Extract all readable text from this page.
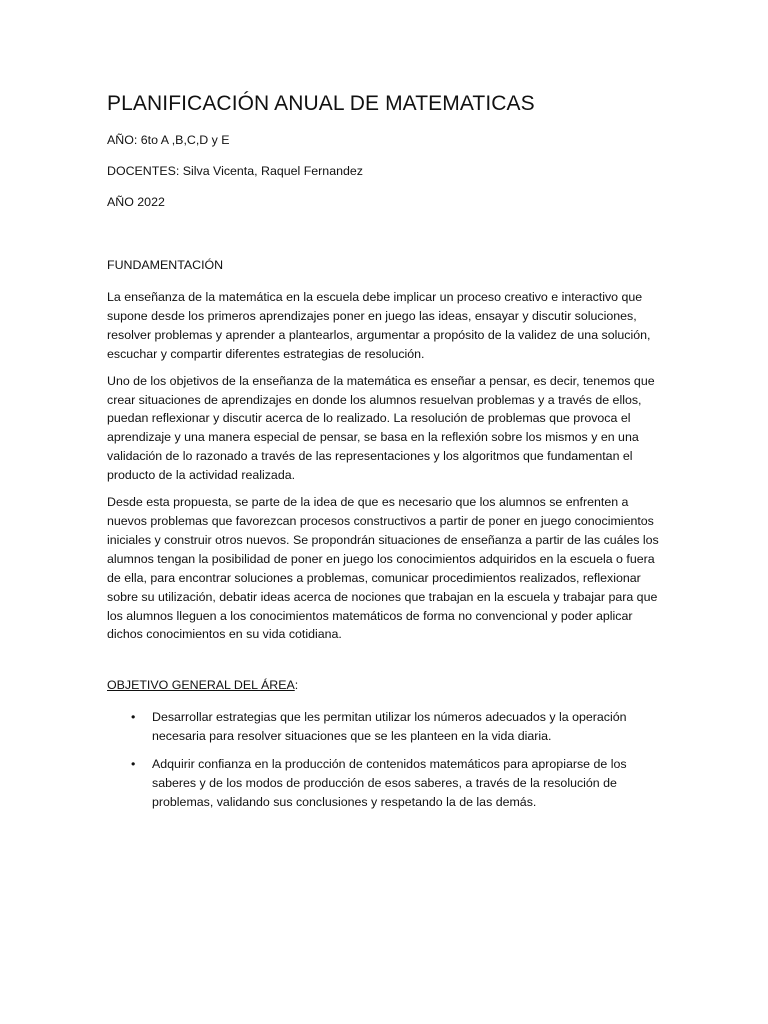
PLANIFICACIÓN ANUAL DE MATEMATICAS

AÑO: 6to A ,B,C,D y E

DOCENTES: Silva Vicenta, Raquel Fernandez

AÑO 2022

FUNDAMENTACIÓN

La enseñanza de la matemática en la escuela debe implicar un proceso creativo e interactivo que supone desde los primeros aprendizajes poner en juego las ideas, ensayar y discutir soluciones, resolver problemas y aprender a plantearlos, argumentar a propósito de la validez de una solución, escuchar y compartir diferentes estrategias de resolución.

Uno de los objetivos de la enseñanza de la matemática es enseñar a pensar, es decir, tenemos que crear situaciones de aprendizajes en donde los alumnos resuelvan problemas y a través de ellos, puedan reflexionar y discutir acerca de lo realizado. La resolución de problemas que provoca el aprendizaje y una manera especial de pensar, se basa en la reflexión sobre los mismos y en una validación de lo razonado a través de las representaciones y los algoritmos que fundamentan el producto de la actividad realizada.

Desde esta propuesta, se parte de la idea de que es necesario que los alumnos se enfrenten a nuevos problemas que favorezcan procesos constructivos a partir de poner en juego conocimientos iniciales y construir otros nuevos. Se propondrán situaciones de enseñanza a partir de las cuáles los alumnos tengan la posibilidad de poner en juego los conocimientos adquiridos en la escuela o fuera de ella, para encontrar soluciones a problemas, comunicar procedimientos realizados, reflexionar sobre su utilización, debatir ideas acerca de nociones que trabajan en la escuela y trabajar para que los alumnos lleguen a los conocimientos matemáticos de forma no convencional y poder aplicar dichos conocimientos en su vida cotidiana.

OBJETIVO GENERAL DEL ÁREA:

• Desarrollar estrategias que les permitan utilizar los números adecuados y la operación necesaria para resolver situaciones que se les planteen en la vida diaria.
• Adquirir confianza en la producción de contenidos matemáticos para apropiarse de los saberes y de los modos de producción de esos saberes, a través de la resolución de problemas, validando sus conclusiones y respetando la de las demás.
